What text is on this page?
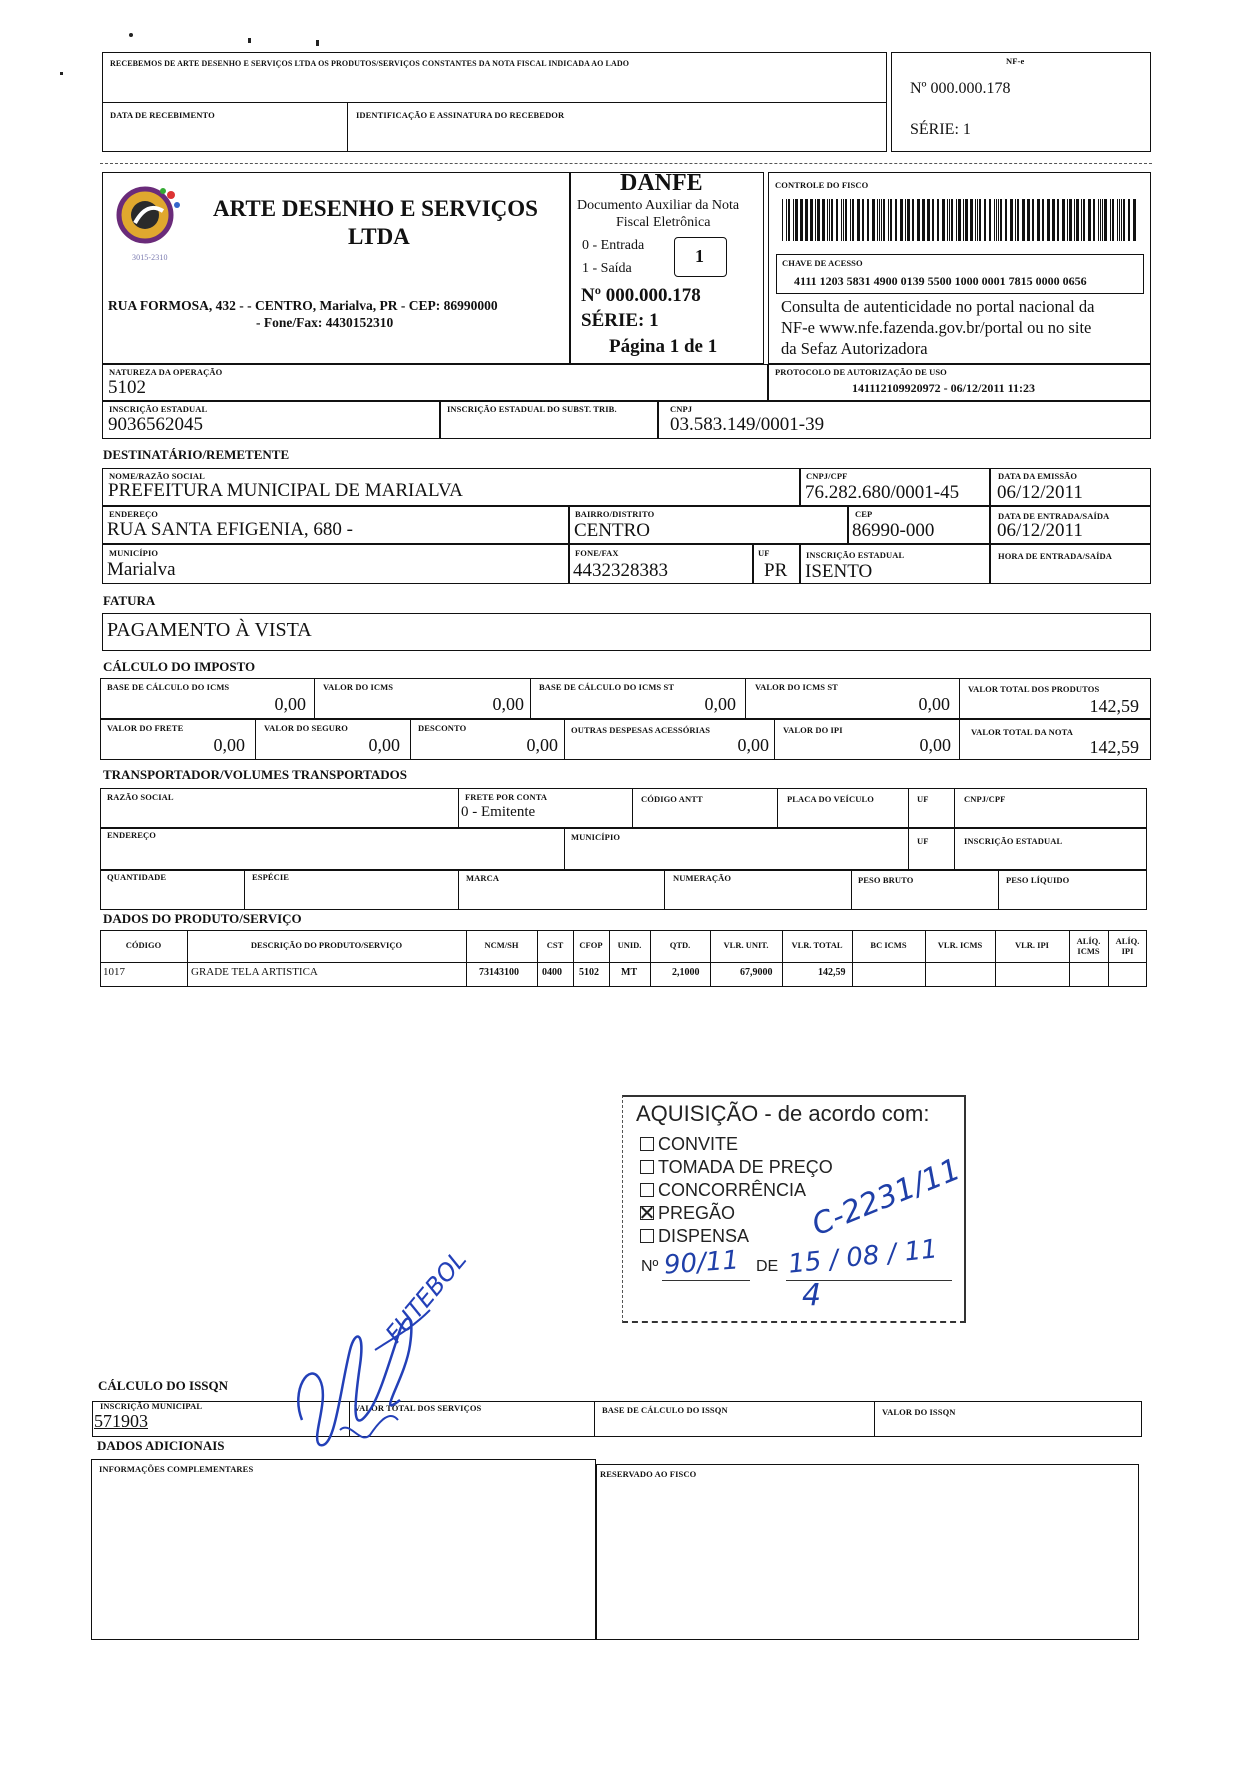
RECEBEMOS DE ARTE DESENHO E SERVIÇOS LTDA OS PRODUTOS/SERVIÇOS CONSTANTES DA NOTA FISCAL INDICADA AO LADO
DATA DE RECEBIMENTO	IDENTIFICAÇÃO E ASSINATURA DO RECEBEDOR
NF-e
Nº 000.000.178
SÉRIE: 1
3015-2310
ARTE DESENHO E SERVIÇOS
LTDA
RUA FORMOSA, 432 - - CENTRO, Marialva, PR - CEP: 86990000
- Fone/Fax: 4430152310
DANFE
Documento Auxiliar da Nota
Fiscal Eletrônica
0 - Entrada
1 - Saída
1
Nº 000.000.178
SÉRIE: 1
Página 1 de 1
CONTROLE DO FISCO
CHAVE DE ACESSO
4111 1203 5831 4900 0139 5500 1000 0001 7815 0000 0656
Consulta de autenticidade no portal nacional da
NF-e www.nfe.fazenda.gov.br/portal ou no site
da Sefaz Autorizadora
NATUREZA DA OPERAÇÃO
5102
PROTOCOLO DE AUTORIZAÇÃO DE USO
141112109920972 - 06/12/2011 11:23
INSCRIÇÃO ESTADUAL
9036562045
INSCRIÇÃO ESTADUAL DO SUBST. TRIB.	CNPJ
03.583.149/0001-39
DESTINATÁRIO/REMETENTE
NOME/RAZÃO SOCIAL
PREFEITURA MUNICIPAL DE MARIALVA
CNPJ/CPF
76.282.680/0001-45
DATA DA EMISSÃO
06/12/2011
ENDEREÇO
RUA SANTA EFIGENIA, 680 -
BAIRRO/DISTRITO
CENTRO
CEP
86990-000
DATA DE ENTRADA/SAÍDA
06/12/2011
MUNICÍPIO
Marialva
FONE/FAX
4432328383
UF
PR
INSCRIÇÃO ESTADUAL
ISENTO
HORA DE ENTRADA/SAÍDA
FATURA
PAGAMENTO À VISTA
CÁLCULO DO IMPOSTO
BASE DE CÁLCULO DO ICMS
0,00
VALOR DO ICMS
0,00
BASE DE CÁLCULO DO ICMS ST
0,00
VALOR DO ICMS ST
0,00
VALOR TOTAL DOS PRODUTOS
142,59
VALOR DO FRETE
0,00
VALOR DO SEGURO
0,00
DESCONTO
0,00
OUTRAS DESPESAS ACESSÓRIAS
0,00
VALOR DO IPI
0,00
VALOR TOTAL DA NOTA
142,59
TRANSPORTADOR/VOLUMES TRANSPORTADOS
RAZÃO SOCIAL	FRETE POR CONTA
0 - Emitente
CÓDIGO ANTT	PLACA DO VEÍCULO	UF	CNPJ/CPF
ENDEREÇO	MUNICÍPIO	UF	INSCRIÇÃO ESTADUAL
QUANTIDADE	ESPÉCIE	MARCA	NUMERAÇÃO	PESO BRUTO	PESO LÍQUIDO
DADOS DO PRODUTO/SERVIÇO
CÓDIGO	DESCRIÇÃO DO PRODUTO/SERVIÇO	NCM/SH	CST	CFOP	UNID.	QTD.	VLR. UNIT.	VLR. TOTAL	BC ICMS	VLR. ICMS	VLR. IPI	ALÍQ.
ICMS
ALÍQ.
IPI
1017	GRADE TELA ARTISTICA	73143100 0400 5102 MT	2,1000	67,9000	142,59
AQUISIÇÃO - de acordo com:
CONVITE
TOMADA DE PREÇO
CONCORRÊNCIA
PREGÃO
DISPENSA
Nº 90/11 DE 15 / 08 / 11
4
C-2231/11
CÁLCULO DO ISSQN
INSCRIÇÃO MUNICIPAL
571903
VALOR TOTAL DOS SERVIÇOS	BASE DE CÁLCULO DO ISSQN	VALOR DO ISSQN
DADOS ADICIONAIS
INFORMAÇÕES COMPLEMENTARES	RESERVADO AO FISCO
FUTEBOL
